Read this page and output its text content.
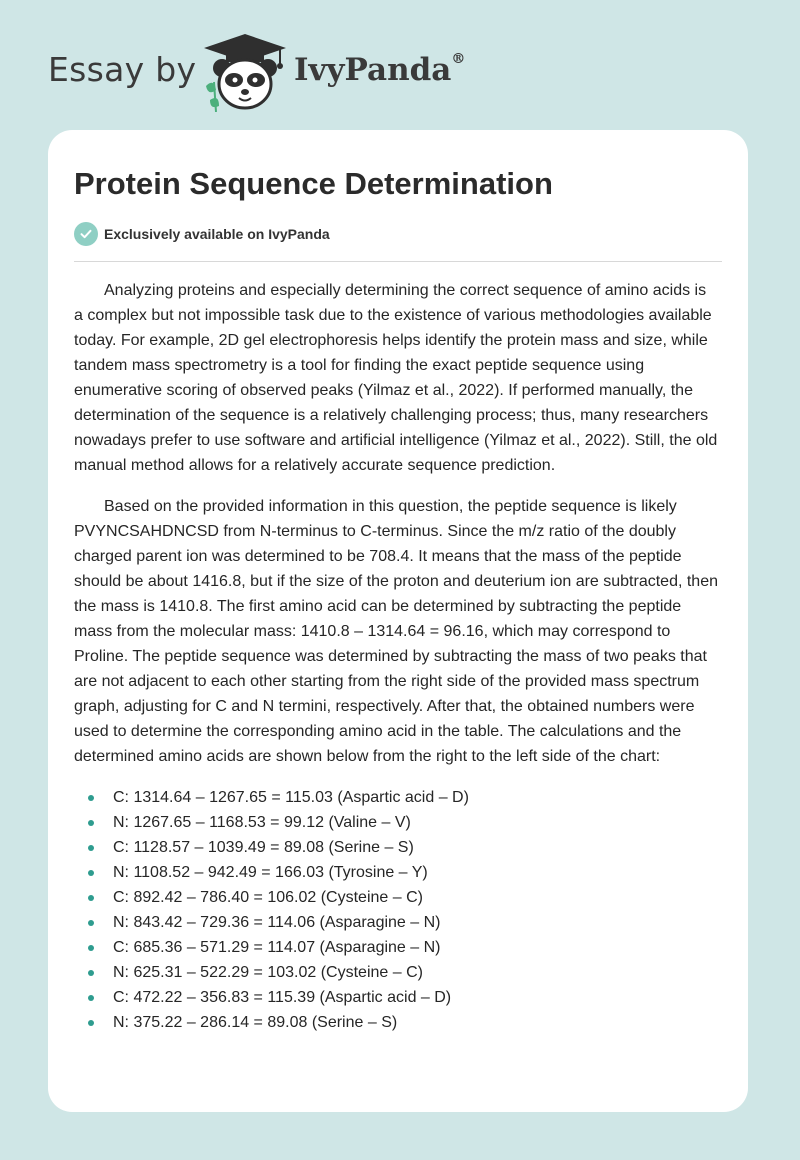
Essay by	IvyPanda®
Protein Sequence Determination
Exclusively available on IvyPanda

Analyzing proteins and especially determining the correct sequence of amino acids is a complex but not impossible task due to the existence of various methodologies available today. For example, 2D gel electrophoresis helps identify the protein mass and size, while tandem mass spectrometry is a tool for finding the exact peptide sequence using enumerative scoring of observed peaks (Yilmaz et al., 2022). If performed manually, the determination of the sequence is a relatively challenging process; thus, many researchers nowadays prefer to use software and artificial intelligence (Yilmaz et al., 2022). Still, the old manual method allows for a relatively accurate sequence prediction.

Based on the provided information in this question, the peptide sequence is likely PVYNCSAHDNCSD from N-terminus to C-terminus. Since the m/z ratio of the doubly charged parent ion was determined to be 708.4. It means that the mass of the peptide should be about 1416.8, but if the size of the proton and deuterium ion are subtracted, then the mass is 1410.8. The first amino acid can be determined by subtracting the peptide mass from the molecular mass: 1410.8 – 1314.64 = 96.16, which may correspond to Proline. The peptide sequence was determined by subtracting the mass of two peaks that are not adjacent to each other starting from the right side of the provided mass spectrum graph, adjusting for C and N termini, respectively. After that, the obtained numbers were used to determine the corresponding amino acid in the table. The calculations and the determined amino acids are shown below from the right to the left side of the chart:

C: 1314.64 – 1267.65 = 115.03 (Aspartic acid – D)
N: 1267.65 – 1168.53 = 99.12 (Valine – V)
C: 1128.57 – 1039.49 = 89.08 (Serine – S)
N: 1108.52 – 942.49 = 166.03 (Tyrosine – Y)
C: 892.42 – 786.40 = 106.02 (Cysteine – C)
N: 843.42 – 729.36 = 114.06 (Asparagine – N)
C: 685.36 – 571.29 = 114.07 (Asparagine – N)
N: 625.31 – 522.29 = 103.02 (Cysteine – C)
C: 472.22 – 356.83 = 115.39 (Aspartic acid – D)
N: 375.22 – 286.14 = 89.08 (Serine – S)
